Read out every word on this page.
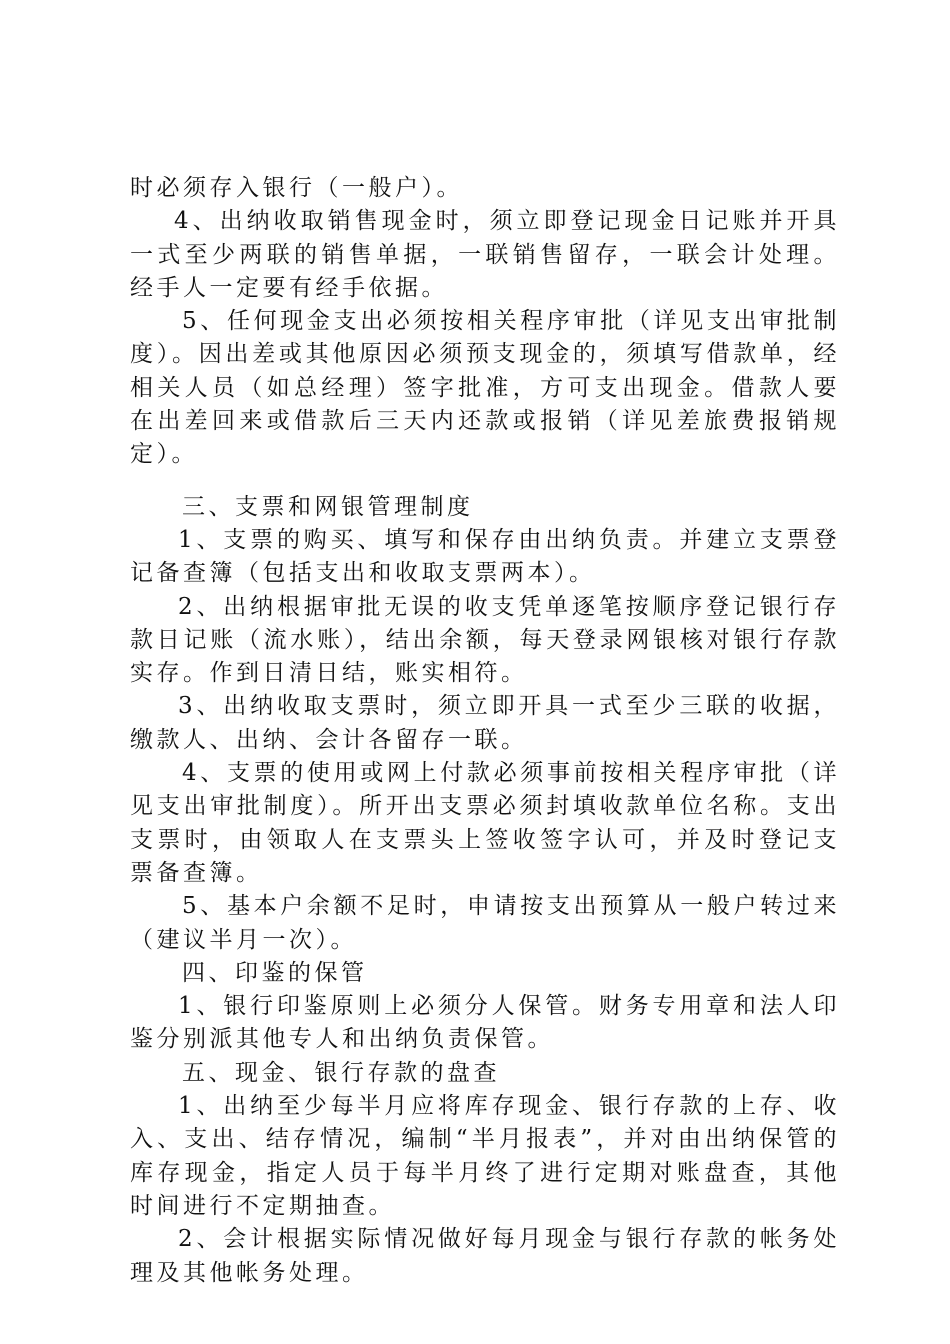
时必须存入银行（一般户）。

4、出纳收取销售现金时，须立即登记现金日记账并开具一式至少两联的销售单据，一联销售留存，一联会计处理。经手人一定要有经手依据。

5、任何现金支出必须按相关程序审批（详见支出审批制度）。因出差或其他原因必须预支现金的，须填写借款单，经相关人员（如总经理）签字批准，方可支出现金。借款人要在出差回来或借款后三天内还款或报销（详见差旅费报销规定）。

三、支票和网银管理制度

1、支票的购买、填写和保存由出纳负责。并建立支票登记备查簿（包括支出和收取支票两本）。

2、出纳根据审批无误的收支凭单逐笔按顺序登记银行存款日记账（流水账），结出余额，每天登录网银核对银行存款实存。作到日清日结，账实相符。

3、出纳收取支票时，须立即开具一式至少三联的收据，缴款人、出纳、会计各留存一联。

4、支票的使用或网上付款必须事前按相关程序审批（详见支出审批制度）。所开出支票必须封填收款单位名称。支出支票时，由领取人在支票头上签收签字认可，并及时登记支票备查簿。

5、基本户余额不足时，申请按支出预算从一般户转过来（建议半月一次）。

四、印鉴的保管

1、银行印鉴原则上必须分人保管。财务专用章和法人印鉴分别派其他专人和出纳负责保管。

五、现金、银行存款的盘查

1、出纳至少每半月应将库存现金、银行存款的上存、收入、支出、结存情况，编制“半月报表”，并对由出纳保管的库存现金，指定人员于每半月终了进行定期对账盘查，其他时间进行不定期抽查。

2、会计根据实际情况做好每月现金与银行存款的帐务处理及其他帐务处理。
